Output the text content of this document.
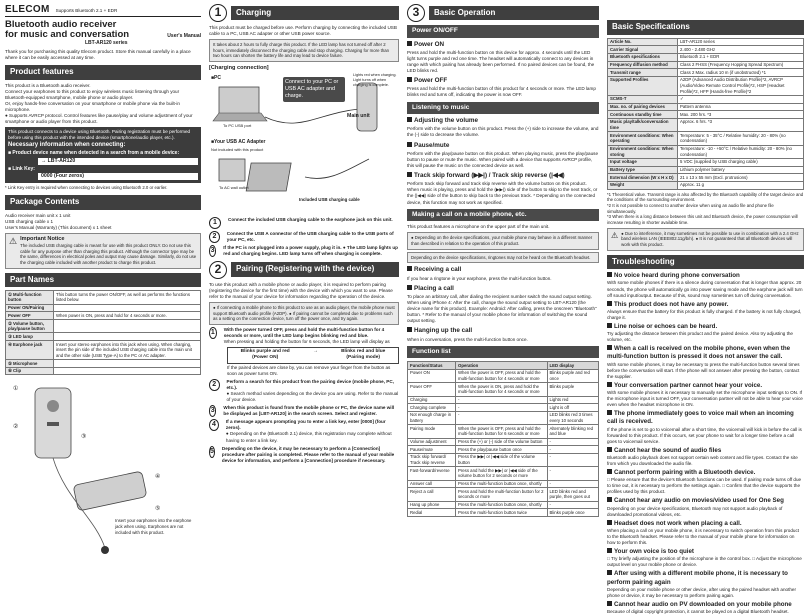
ELECOM Supports Bluetooth 2.1 + EDR
Bluetooth audio receiver
for music and conversation	User's Manual
LBT-AR120 series

Thank you for purchasing this quality Elecom product. Store this manual carefully in a place where it can be easily accessed at any time.

Product features

This product is a Bluetooth audio receiver.

Connect your earphones to this product to enjoy wireless music listening through your Bluetooth-equipped smartphone, mobile phone or audio player.

Or, enjoy hands-free conversation on your smartphone or mobile phone via the built-in microphone.

● Supports AVRCP protocol. Control features like pause/play and volume adjustment of your smartphone or audio player from this product.

This product connects to a device using Bluetooth. Pairing registration must be performed before using this product with the intended device (smartphone/audio player, etc.).

Necessary information when connecting:
■ Product device name when detected in a search from a mobile device:
→ LBT-AR120
■ Link Key:
0000 (Four zeros)

* Link Key entry is required when connecting to devices using Bluetooth 2.0 or earlier.

Package Contents

Audio receiver main unit x 1 unit

USB charging cable x 1

User's Manual (Warranty) (This document) x 1 sheet

⚠ Important Notice

The included USB charging cable is meant for use with this product ONLY. Do not use this cable for any purpose other than charging this product. Although the connector type may be the same, differences in electrical poles and output may cause damage. Similarly, do not use the charging cable included with another product to charge this product.

Part Names
① Multi-function button	This button turns the power ON/OFF, as well as performs the functions listed below.
Power ON/Pairing	
Power OFF	When power is ON, press and hold for 4 seconds or more.
② Volume button, play/pause button	
③ LED lamp	
④ Earphone jack	Insert your stereo earphones into this jack when using. When charging, insert the pin side of the included USB charging cable into the main unit and the other side (USB Type-A) to the PC or AC adapter.
⑤ Microphone	
⑥ Clip	
①
②
③
④
⑤

Insert your earphones into the earphone jack when using. Earphones are not included with this product.

1	Charging

This product must be charged before use. Perform charging by connecting the included USB cable to a PC, USB AC adapter or other USB power source.

It takes about 2 hours to fully charge this product. If the LED lamp has not turned off after 2 hours, immediately disconnect the charging cable and stop charging. Charging for more than two hours can shorten the battery life and may lead to device failure.
[Charging connection]
■PC
Connect to your PC or USB AC adapter and charge.
Main unit
Lights red when charging. Light turns off when charging is complete.
To PC USB port
■Your USB AC Adapter
Not included with this product
To AC wall outlet
Included USB charging cable
1	Connect the included USB charging cable to the earphone jack on this unit.
2	Connect the USB A connector of the USB charging cable to the USB ports of your PC, etc.
3	If the PC is not plugged into a power supply, plug it in. ● The LED lamp lights up red and charging begins. LED lamp turns off when charging is complete.
2	Pairing (Registering with the device)

To use this product with a mobile phone or audio player, it is required to perform pairing (registering the device for the first time) with the device with which you want to use. Please refer to the manual of your device for information regarding the operation of the device.

● If connecting a mobile phone to this product to use as an audio player, the mobile phone must support Bluetooth audio profile (A2DP). ● If pairing cannot be completed due to problems such as a setting on the connection device, turn off the power once, and try again.
1	With the power turned OFF, press and hold the multi-function button for 4 seconds or more, until the LED lamp begins blinking red and blue.

When pressing and holding the button for 6 seconds, the LED lamp will display as

Blinks purple and red
(Power ON)
→	Blinks red and blue
(Pairing mode)

If the paired devices are close by, you can remove your finger from the button as soon as power turns ON.

2	Perform a search for this product from the pairing device (mobile phone, PC, etc.).

● Search method varies depending on the device you are using. Refer to the manual of your device.

3	When this product is found from the mobile phone or PC, the device name will be displayed as [LBT-AR120] in the search screen. Select and register.
4	If a message appears prompting you to enter a link key, enter [0000] (four zeros).

● Depending on the (Bluetooth 2.1) device, this registration may complete without having to enter a link key.

5 Depending on the device, it may be necessary to perform a [Connection] procedure after pairing is completed. Please refer to the manual of your mobile device for information, and perform a [Connection] procedure if necessary.
3	Basic Operation
Power ON/OFF
Power ON

Press and hold the multi-function button on this device for approx. 4 seconds until the LED light turns purple and red one time. The headset will automatically connect to any devices in range with which pairing has already been performed. If no paired devices can be found, the LED blinks red.

Power OFF

Press and hold the multi-function button of this product for 4 seconds or more. The LED lamp blinks red and turns off, indicating the power is now OFF.

Listening to music
Adjusting the volume

Perform with the volume button on this product. Press the (+) side to increase the volume, and the (-) side to decrease the volume.

Pause/mute

Perform with the play/pause button on this product. When playing music, press the play/pause button to pause or mute the music. When paired with a device that supports AVRCP profile, this will pause the music on the connected device as well.

Track skip forward (▶▶|) / Track skip reverse (|◀◀)

Perform track skip forward and track skip reverse with the volume button on this product. When music is playing, press and hold the (▶▶|) side of the button to skip to the next track, or the (|◀◀) side of the button to skip back to the previous track. * Depending on the connected device, this function may not work as specified.

Making a call on a mobile phone, etc.

This product features a microphone on the upper part of the main unit.

● Depending on the device specifications, your mobile phone may behave in a different manner than described in relation to the operation of this product.
Depending on the device specifications, ringtones may not be heard on the Bluetooth headset.
Receiving a call

If you hear a ringtone in your earphone, press the multi-function button.

Placing a call

To place an arbitrary call, after dialing the recipient number switch the sound output setting. When using iPhone 4: After the call, change the sound output setting to LBT-AR120 (the device name for this product). Example: Android: After calling, press the onscreen "Bluetooth" button. * Refer to the manual of your mobile phone for information of switching the sound output setting.

Hanging up the call

When in conversation, press the multi-function button once.

Function list
Function/Status	Operation	LED display
Power ON	When the power is OFF, press and hold the multi-function button for 4 seconds or more	Blinks purple and red once
Power OFF	When the power is ON, press and hold the multi-function button for 4 seconds or more	Blinks purple
Charging	-	Lights red
Charging complete	-	Light is off
Not enough charge in battery	-	LED blinks red 3 times every 10 seconds
Pairing mode	When the power is OFF, press and hold the multi-function button for 6 seconds or more	Alternately blinking red and blue
Volume adjustment	Press the (+) or (-) side of the volume button	-
Pause/mute	Press the play/pause button once	-
Track skip forward/ Track skip reverse	Press the ▶▶| or |◀◀ side of the volume button	-
Fast-forward/reverse	Press and hold the ▶▶| or |◀◀ side of the volume button for 2 seconds or more	-
Answer call	Press the multi-function button once, shortly	-
Reject a call	Press and hold the multi-function button for 2 seconds or more	LED blinks red and purple, then goes out
Hang up phone	Press the multi-function button once, shortly	-
Redial	Press the multi-function button twice	Blinks purple once
Basic Specifications
Article No.	LBT-AR120 series
Carrier Signal	2.400 - 2.480 GHz
Bluetooth specifications	Bluetooth 2.1 + EDR
Frequency diffusion method	Class 2 FHSS (Frequency Hopping Spread Spectrum)
Transmit range	Class 2 Max. radius 10 m (if unobstructed) *1
Supported Profiles	A2DP (Advanced Audio Distribution Profile)*2, AVRCP (Audio/Video Remote Control Profile)*2, HSP (Headset Profile)*2, HFP (Hands-free Profile)*2
SCMS-T	✓
Max. no. of pairing devices	Pattern antenna
Continuous standby time	Max. 200 hrs. *3
Music play/talk/conversation time	Approx. 6 hrs. *3
Environment conditions: When operating	Temperature: 5 - 35°C / Relative humidity: 20 - 80% (no condensation)
Environment conditions: When storing	Temperature: -10 - +50°C / Relative humidity: 20 - 80% (no condensation)
Input voltage	5 VDC (supplied by USB charging cable)
Battery type	Lithium polymer battery
External dimension (W x H x D)	21 x 13 x 55 mm (Excl. protrusions)
Weight	Approx. 11 g

*1 Theoretical value. Transmit range is also affected by the Bluetooth capability of the target device and the conditions of the surrounding environment.

*2 It is not possible to connect to another device when using an audio file and phone file simultaneously.

*3 When there is a long distance between this unit and Bluetooth device, the power consumption will increase resulting in shorter available time.

⚠ ● Due to interference, it may sometimes not be possible to use in combination with a 2.4 GHz band wireless LAN (IEEE802.11g/b/n). ● It is not guaranteed that all Bluetooth devices will work with this product.
Troubleshooting
No voice heard during phone conversation

With some mobile phones if there is a silence during conversation that is longer than approx. 20 seconds, the phone will automatically go into power saving mode and the earphone jack will turn off sound input/output. Because of this, sound may sometimes turn off during conversation.

This product does not have any power.

Always ensure that the battery for this product is fully charged. If the battery is not fully charged, charge it.

Line noise or echoes can be heard.

Try adjusting the distance between this product and the paired device. Also try adjusting the volume, etc.

When a call is received on the mobile phone, even when the multi-function button is pressed it does not answer the call.

With some mobile phones, it may be necessary to press the multi-function button several times before the conversation will start. If the phone will not answer after pressing the button, contact the supplier.

Your conversation partner cannot hear your voice.

With some mobile phones it is necessary to manually set the microphone input settings to ON. If the microphone input is turned OFF, your conversation partner will not be able to hear your voice even when the headset microphone is ON.

The phone immediately goes to voice mail when an incoming call is received.

If the phone is set to go to voicemail after a short time, the voicemail will kick in before the call is forwarded to this product. If this occurs, set your phone to wait for a longer time before a call goes to voicemail service.

Cannot hear the sound of audio files

Bluetooth audio playback does not support certain web content and file types. Contact the site from which you downloaded the audio file.

Cannot perform pairing with a Bluetooth device.

□ Please ensure that the device's Bluetooth functions can be used. If pairing mode turns off due to time out, it is necessary to perform the settings again. □ Confirm that the device supports the profiles used by this product.

Cannot hear any audio on movies/video used for One Seg

Depending on your device specifications, Bluetooth may not support audio playback of downloaded promotional videos, etc.

Headset does not work when placing a call.

When placing a call on your mobile phone, it is necessary to switch operation from this product to the Bluetooth headset. Please refer to the manual of your mobile phone for information on how to perform this.

Your own voice is too quiet

□ Try briefly adjusting the position of the microphone in the control box. □ Adjust the microphone output level on your mobile phone or device.

After using with a different mobile phone, it is necessary to perform pairing again

Depending on your mobile phone or other device, after using the paired headset with another phone or device, it may be necessary to perform pairing again.

Cannot hear audio on PV downloaded on your mobile phone

Because of digital copyright protection, it cannot be played on a digital Bluetooth headset.
